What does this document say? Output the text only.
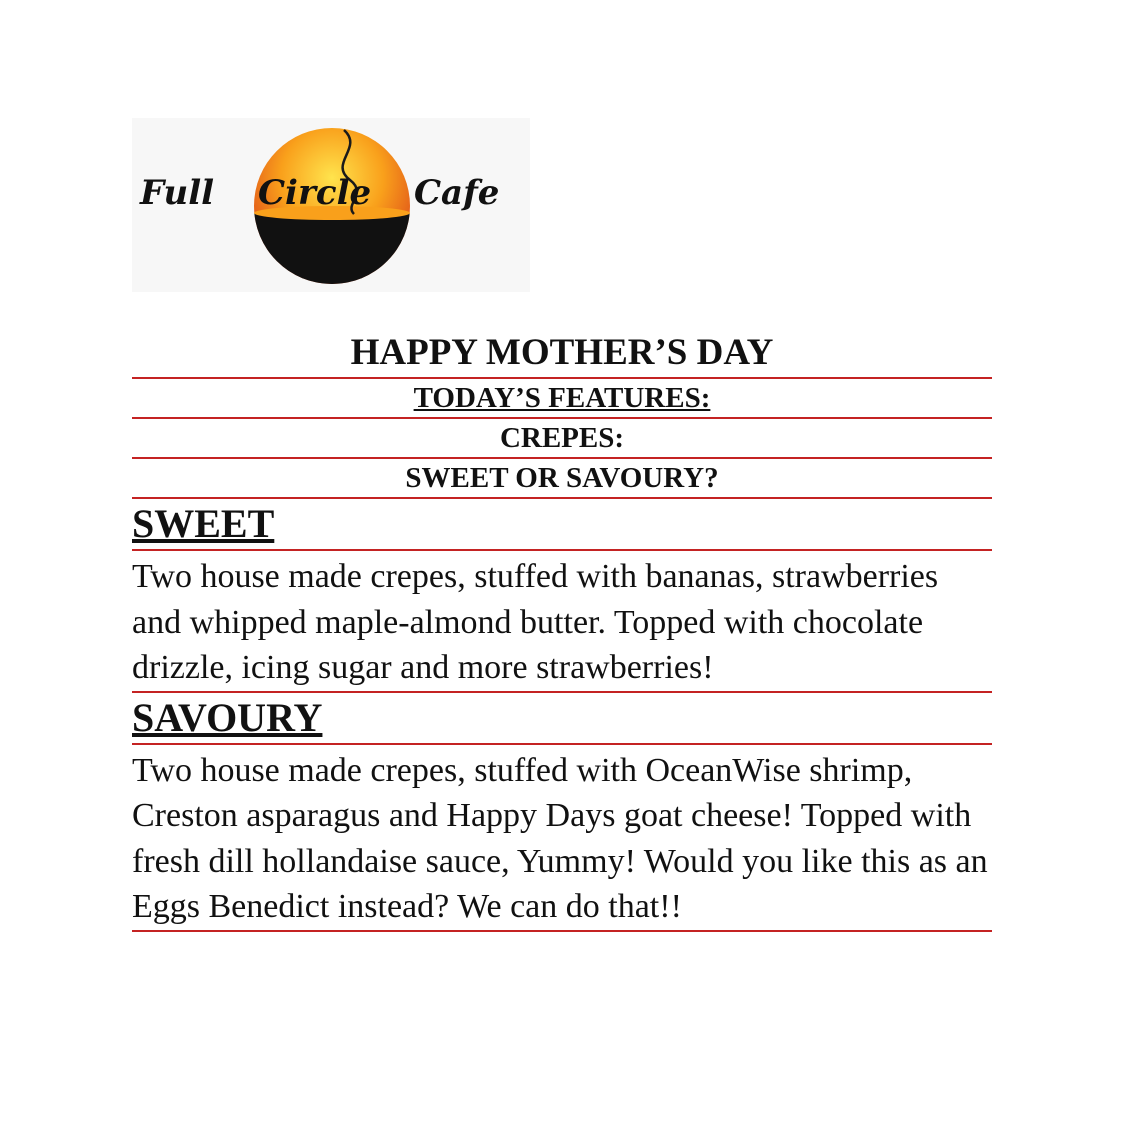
Full Circle Cafe
HAPPY MOTHER’S DAY
TODAY’S FEATURES:
CREPES:
SWEET OR SAVOURY?
SWEET
Two house made crepes, stuffed with bananas, strawberries and whipped maple-almond butter. Topped with chocolate drizzle, icing sugar and more strawberries!
SAVOURY
Two house made crepes, stuffed with OceanWise shrimp, Creston asparagus and Happy Days goat cheese! Topped with fresh dill hollandaise sauce, Yummy! Would you like this as an Eggs Benedict instead? We can do that!!
